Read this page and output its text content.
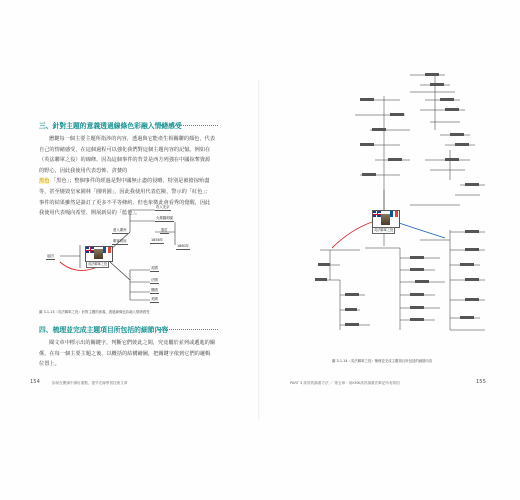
三、針對主題的意義透過線條色彩融入情緒感受

懋鍵每一個主要主題所指涉的內容，透過與它能產生相關聯的顏色，代表自己的情緒感受，在這個過程可以強化我們對這個主題內容的記憶。例如在（英法聯軍之役）的線條。因為這個事件的背景是西方列強在中國掠奪資源的野心，因此我使用代表恐怖、貪婪的

黑色 「黑色」；整個事件的經過是對中國無止盡的侵略，特別是被搶掠殆盡等，甚至燒毀皇家園林「圓明園」，因此我使用代表危險、警示的「紅色」；事件的結果雖然是簽訂了更多不平等條約，但也象徵此會看秀的覺醒，因此我使用代表嘎向希望、開展新局的「藍色」。

起因
英法聯軍之役
攻入北京
火燒圓明園
簽訂
1858年
1860年
進入廣州
聯軍劫掠
英國
法國
俄國
美國
圖 3-1-13（英法聯軍之役）針對主題的意義，透過線條色彩融入情緒感受
四、梳理並完成主題項目所包括的細節內容

閱文章中標示出的關鍵字，判斷它們彼此之間，究竟屬於並列或遞進的關係，在每一個主要主題之後，以概括的結構繪圖，把關鍵字依到它們的邏輯位置上。

154	如何在閱讀中讀好重點，提早在線學習技術文章
英法聯軍之役
圖 3-1-14（英法聯軍之役）梳理並完成主題項目所包括的細節內容
PART 3 高效的讀書方法 ／ 第五章・用KMK高效讀書法筆記所有原因	155
